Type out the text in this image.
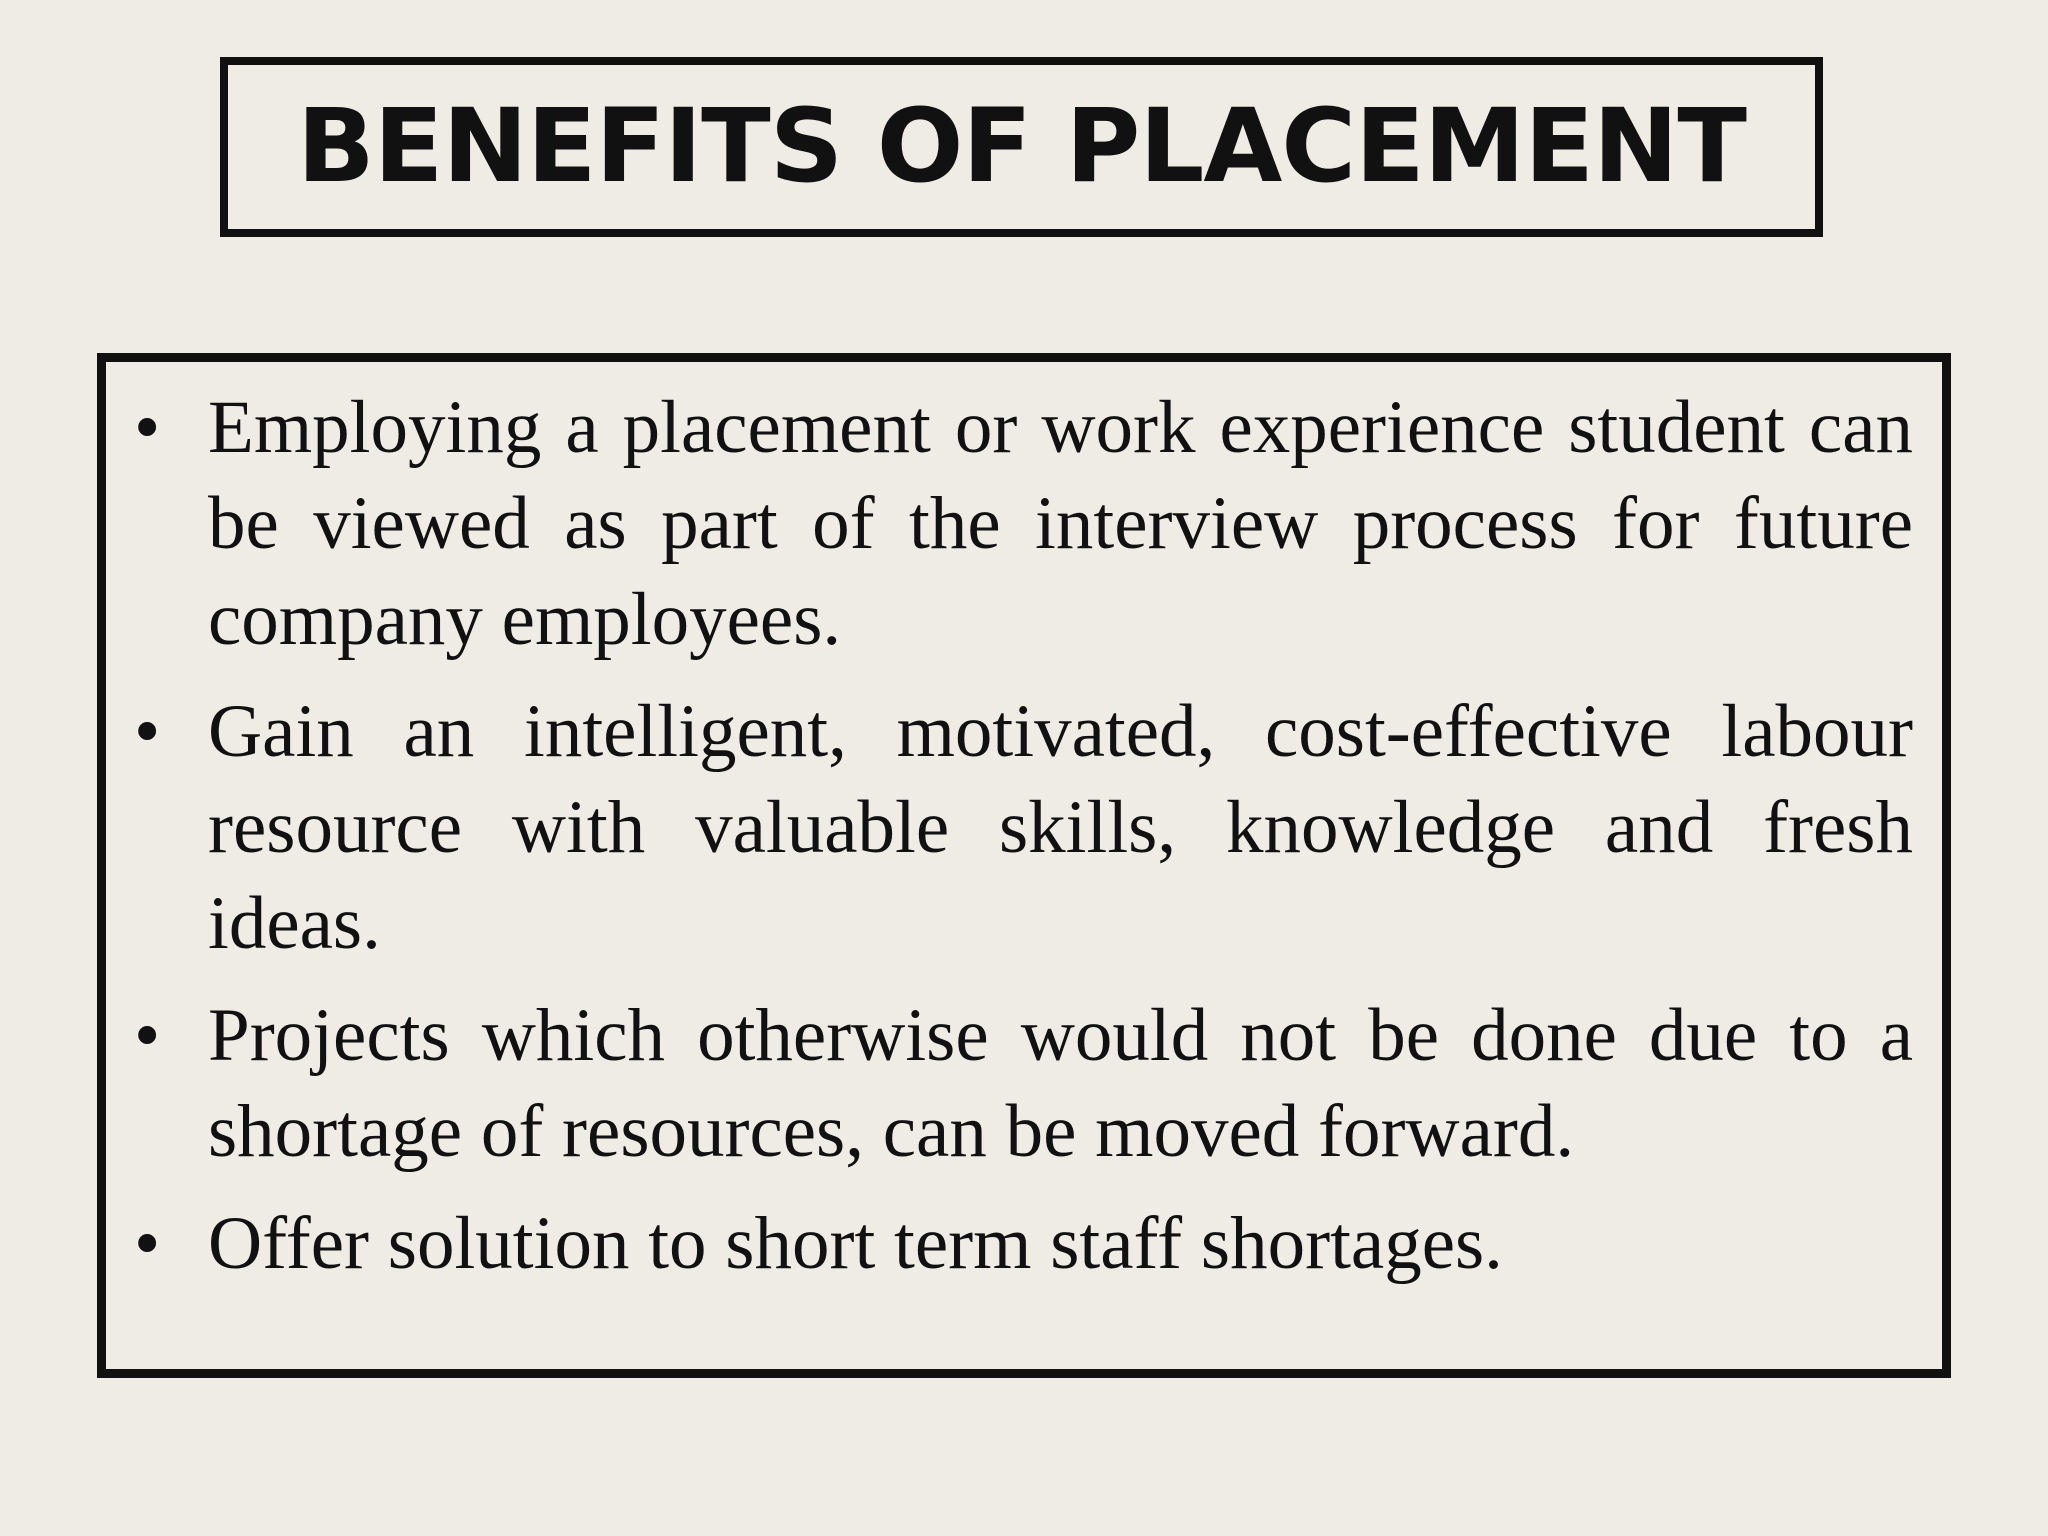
BENEFITS OF PLACEMENT
• Employing a placement or work experience student can be viewed as part of the interview process for future company employees.
• Gain an intelligent, motivated, cost-effective labour resource with valuable skills, knowledge and fresh ideas.
• Projects which otherwise would not be done due to a shortage of resources, can be moved forward.
• Offer solution to short term staff shortages.
